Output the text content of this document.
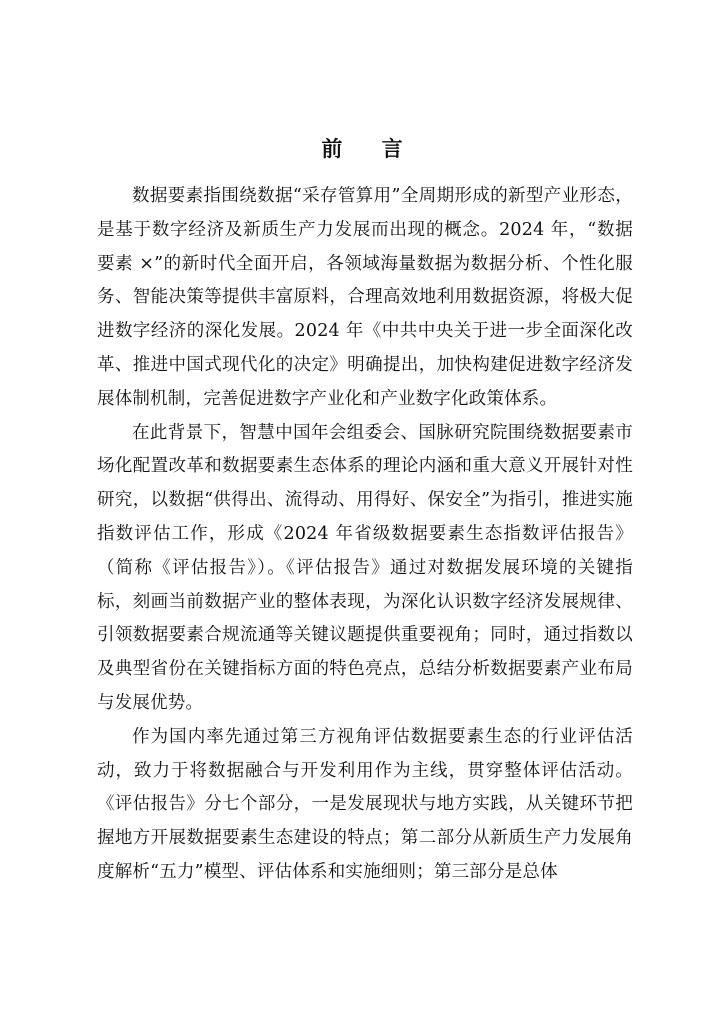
前 言

数据要素指围绕数据“采存管算用”全周期形成的新型产业形态，是基于数字经济及新质生产力发展而出现的概念。2024 年，“数据要素 ×”的新时代全面开启，各领域海量数据为数据分析、个性化服务、智能决策等提供丰富原料，合理高效地利用数据资源，将极大促进数字经济的深化发展。2024 年《中共中央关于进一步全面深化改革、推进中国式现代化的决定》明确提出，加快构建促进数字经济发展体制机制，完善促进数字产业化和产业数字化政策体系。

在此背景下，智慧中国年会组委会、国脉研究院围绕数据要素市场化配置改革和数据要素生态体系的理论内涵和重大意义开展针对性研究，以数据“供得出、流得动、用得好、保安全”为指引，推进实施指数评估工作，形成《2024 年省级数据要素生态指数评估报告》（简称《评估报告》）。《评估报告》通过对数据发展环境的关键指标，刻画当前数据产业的整体表现，为深化认识数字经济发展规律、引领数据要素合规流通等关键议题提供重要视角；同时，通过指数以及典型省份在关键指标方面的特色亮点，总结分析数据要素产业布局与发展优势。

作为国内率先通过第三方视角评估数据要素生态的行业评估活动，致力于将数据融合与开发利用作为主线，贯穿整体评估活动。《评估报告》分七个部分，一是发展现状与地方实践，从关键环节把握地方开展数据要素生态建设的特点；第二部分从新质生产力发展角度解析“五力”模型、评估体系和实施细则；第三部分是总体
